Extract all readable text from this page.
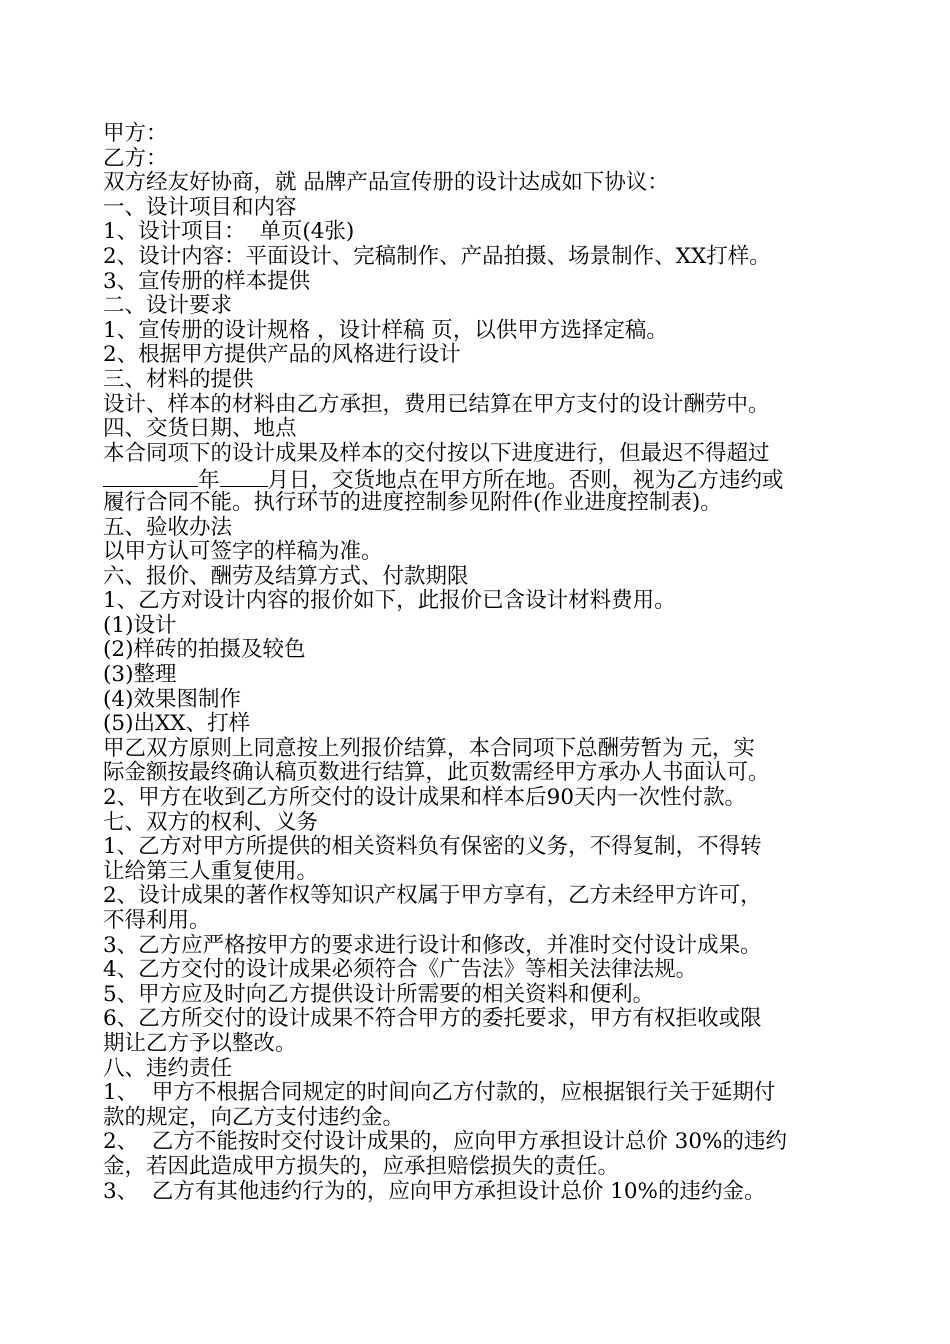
甲方：
乙方：
双方经友好协商，就 品牌产品宣传册的设计达成如下协议：
一、设计项目和内容
1、设计项目：  单页(4张)
2、设计内容：平面设计、完稿制作、产品拍摄、场景制作、XX打样。
3、宣传册的样本提供
二、设计要求
1、宣传册的设计规格 ，设计样稿 页，以供甲方选择定稿。
2、根据甲方提供产品的风格进行设计
三、材料的提供
设计、样本的材料由乙方承担，费用已结算在甲方支付的设计酬劳中。
四、交货日期、地点
本合同项下的设计成果及样本的交付按以下进度进行，但最迟不得超过
年 月日，交货地点在甲方所在地。否则，视为乙方违约或
履行合同不能。执行环节的进度控制参见附件(作业进度控制表)。
五、验收办法
以甲方认可签字的样稿为准。
六、报价、酬劳及结算方式、付款期限
1、乙方对设计内容的报价如下，此报价已含设计材料费用。
(1)设计
(2)样砖的拍摄及较色
(3)整理
(4)效果图制作
(5)出XX、打样
甲乙双方原则上同意按上列报价结算，本合同项下总酬劳暂为 元，实
际金额按最终确认稿页数进行结算，此页数需经甲方承办人书面认可。
2、甲方在收到乙方所交付的设计成果和样本后90天内一次性付款。
七、双方的权利、义务
1、乙方对甲方所提供的相关资料负有保密的义务，不得复制，不得转
让给第三人重复使用。
2、设计成果的著作权等知识产权属于甲方享有，乙方未经甲方许可，
不得利用。
3、乙方应严格按甲方的要求进行设计和修改，并准时交付设计成果。
4、乙方交付的设计成果必须符合《广告法》等相关法律法规。
5、甲方应及时向乙方提供设计所需要的相关资料和便利。
6、乙方所交付的设计成果不符合甲方的委托要求，甲方有权拒收或限
期让乙方予以整改。
八、违约责任
1、  甲方不根据合同规定的时间向乙方付款的，应根据银行关于延期付
款的规定，向乙方支付违约金。
2、  乙方不能按时交付设计成果的，应向甲方承担设计总价 30%的违约
金，若因此造成甲方损失的，应承担赔偿损失的责任。
3、  乙方有其他违约行为的，应向甲方承担设计总价 10%的违约金。
